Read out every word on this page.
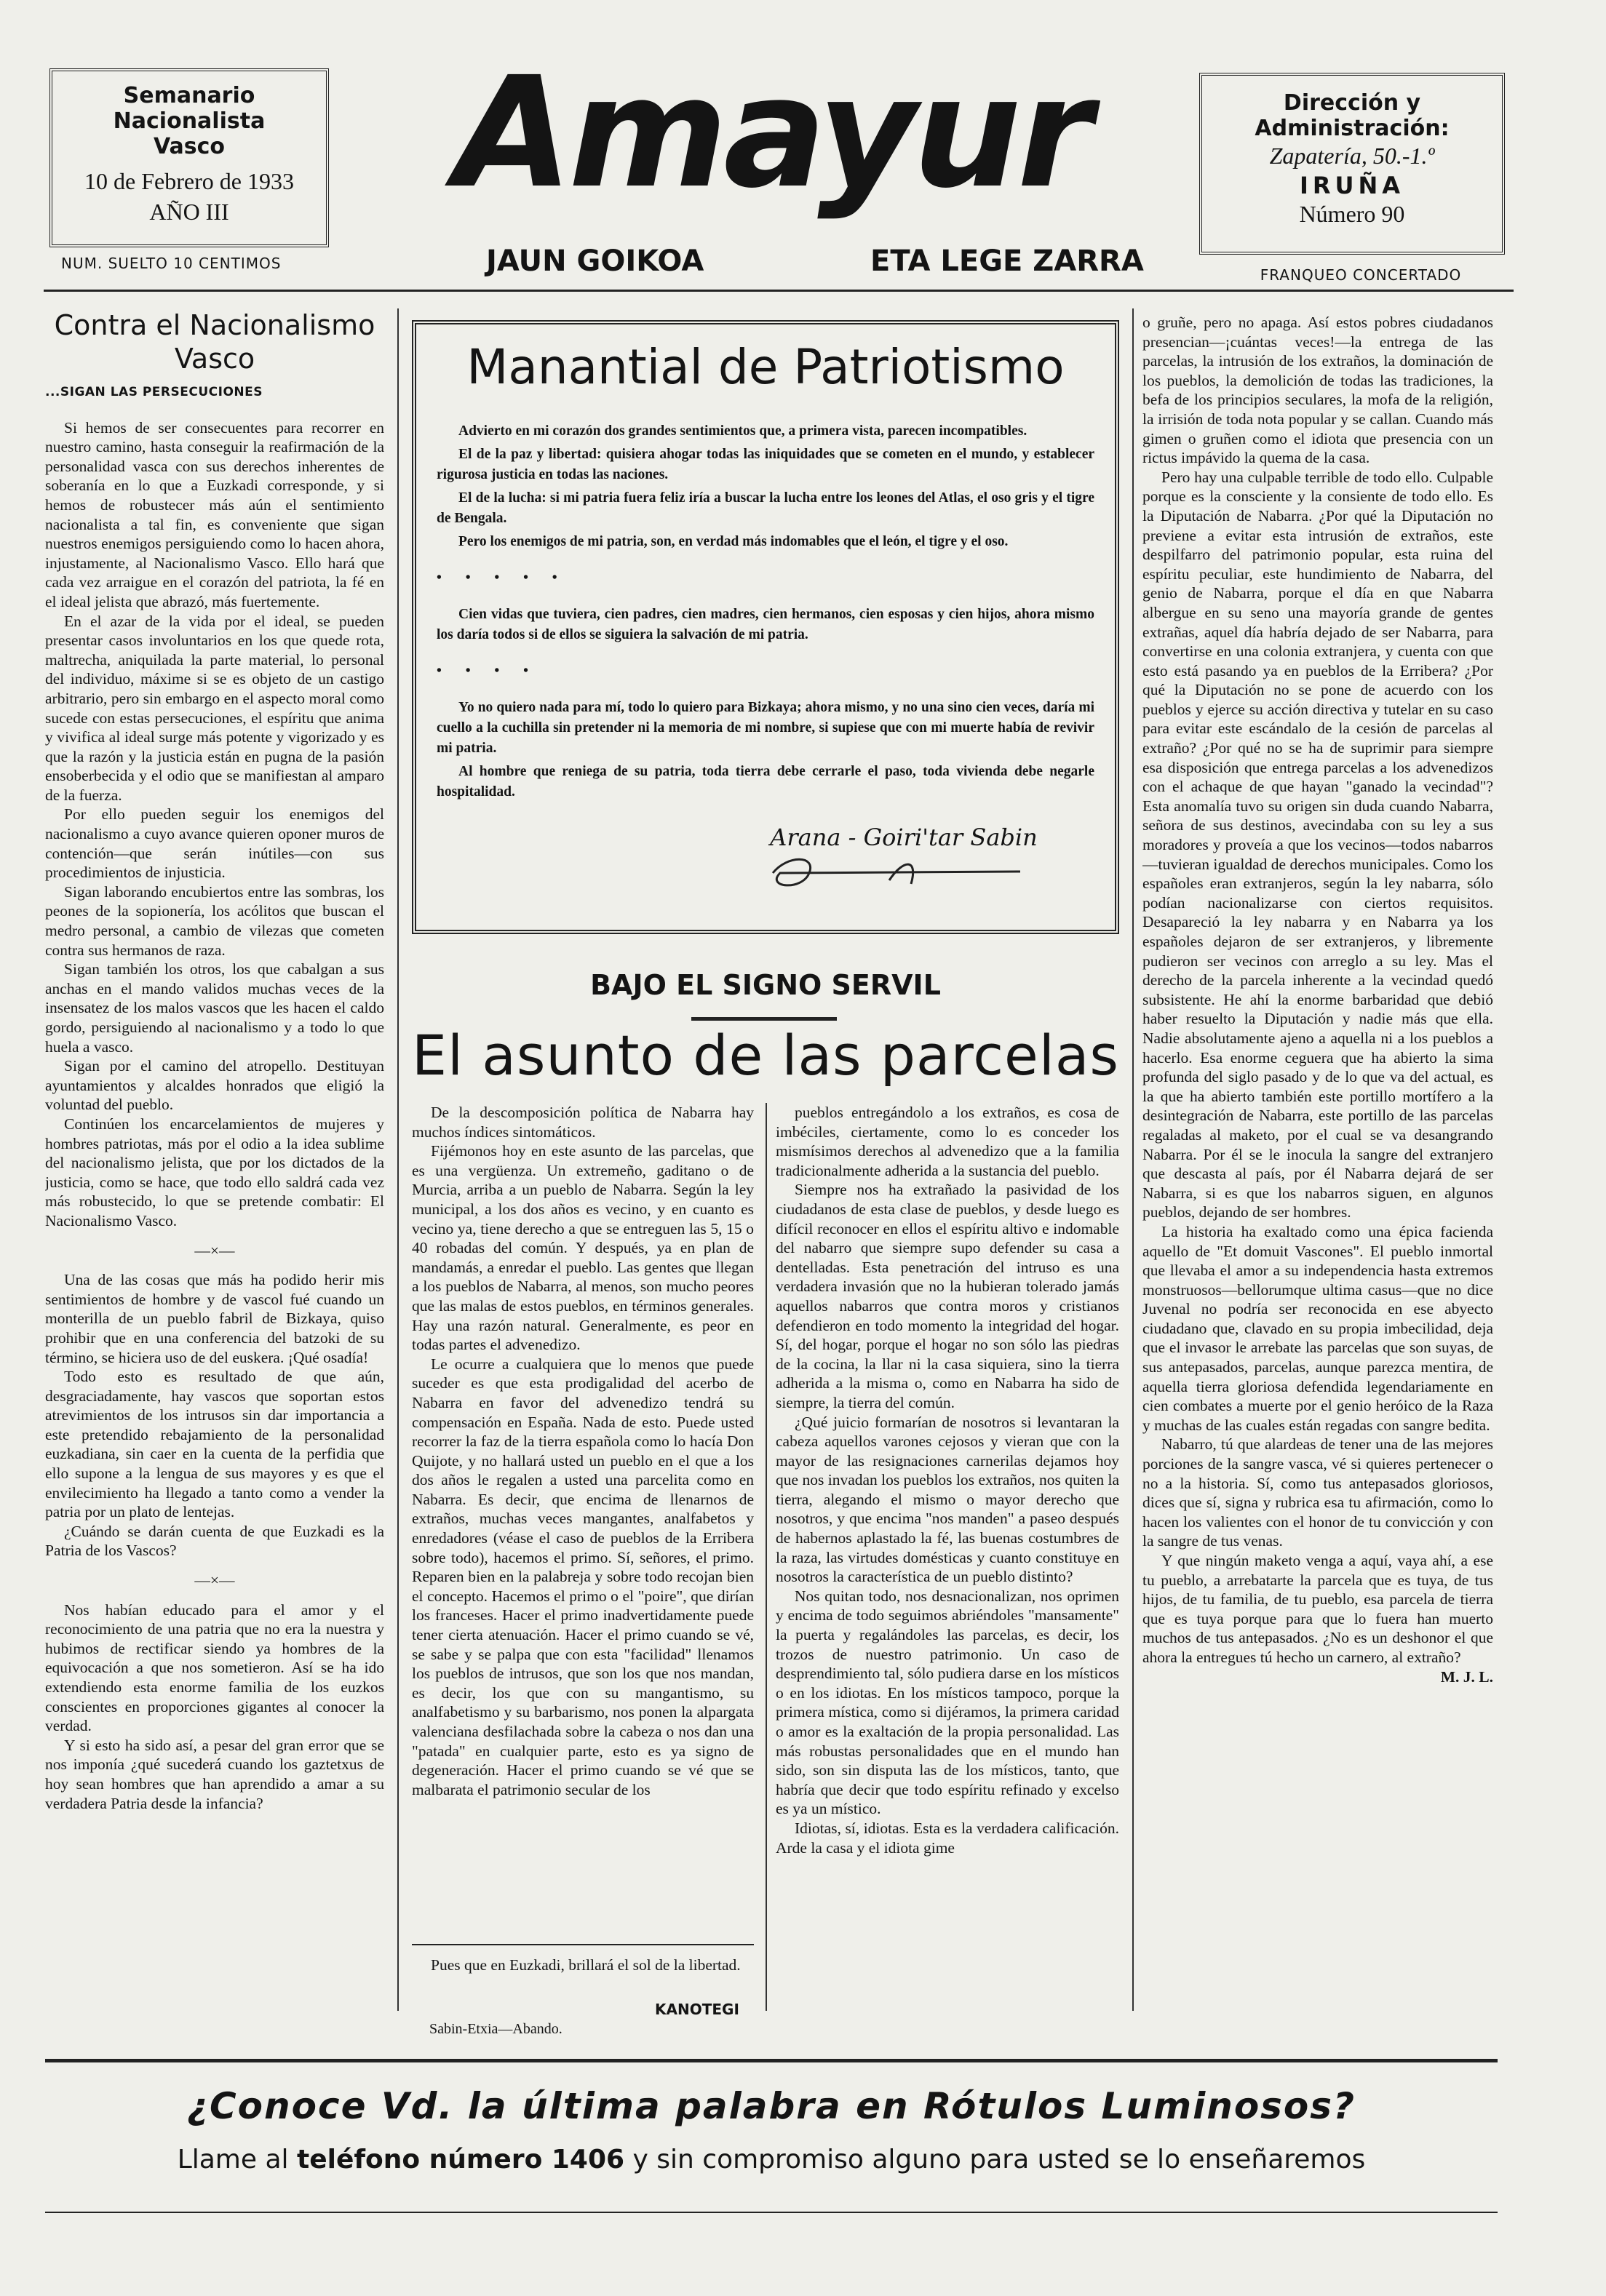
Semanario Nacionalista
Vasco
10 de Febrero de 1933
AÑO III
NUM. SUELTO 10 CENTIMOS
Amayur
JAUN GOIKOA	ETA LEGE ZARRA
Dirección y Administración:
Zapatería, 50.-1.º
IRUÑA
Número 90
FRANQUEO CONCERTADO
Contra el Nacionalismo Vasco
...SIGAN LAS PERSECUCIONES

Si hemos de ser consecuentes para recorrer en nuestro camino, hasta conseguir la reafirmación de la personalidad vasca con sus derechos inherentes de soberanía en lo que a Euzkadi corresponde, y si hemos de robustecer más aún el sentimiento nacionalista a tal fin, es conveniente que sigan nuestros enemigos persiguiendo como lo hacen ahora, injustamente, al Nacionalismo Vasco. Ello hará que cada vez arraigue en el corazón del patriota, la fé en el ideal jelista que abrazó, más fuertemente.

En el azar de la vida por el ideal, se pueden presentar casos involuntarios en los que quede rota, maltrecha, aniquilada la parte material, lo personal del individuo, máxime si se es objeto de un castigo arbitrario, pero sin embargo en el aspecto moral como sucede con estas persecuciones, el espíritu que anima y vivifica al ideal surge más potente y vigorizado y es que la razón y la justicia están en pugna de la pasión ensoberbecida y el odio que se manifiestan al amparo de la fuerza.

Por ello pueden seguir los enemigos del nacionalismo a cuyo avance quieren oponer muros de contención—que serán inútiles—con sus procedimientos de injusticia.

Sigan laborando encubiertos entre las sombras, los peones de la sopionería, los acólitos que buscan el medro personal, a cambio de vilezas que cometen contra sus hermanos de raza.

Sigan también los otros, los que cabalgan a sus anchas en el mando validos muchas veces de la insensatez de los malos vascos que les hacen el caldo gordo, persiguiendo al nacionalismo y a todo lo que huela a vasco.

Sigan por el camino del atropello. Destituyan ayuntamientos y alcaldes honrados que eligió la voluntad del pueblo.

Continúen los encarcelamientos de mujeres y hombres patriotas, más por el odio a la idea sublime del nacionalismo jelista, que por los dictados de la justicia, como se hace, que todo ello saldrá cada vez más robustecido, lo que se pretende combatir: El Nacionalismo Vasco.

—×—

Una de las cosas que más ha podido herir mis sentimientos de hombre y de vascol fué cuando un monterilla de un pueblo fabril de Bizkaya, quiso prohibir que en una conferencia del batzoki de su término, se hiciera uso de del euskera. ¡Qué osadía!

Todo esto es resultado de que aún, desgraciadamente, hay vascos que soportan estos atrevimientos de los intrusos sin dar importancia a este pretendido rebajamiento de la personalidad euzkadiana, sin caer en la cuenta de la perfidia que ello supone a la lengua de sus mayores y es que el envilecimiento ha llegado a tanto como a vender la patria por un plato de lentejas.

¿Cuándo se darán cuenta de que Euzkadi es la Patria de los Vascos?

—×—

Nos habían educado para el amor y el reconocimiento de una patria que no era la nuestra y hubimos de rectificar siendo ya hombres de la equivocación a que nos sometieron. Así se ha ido extendiendo esta enorme familia de los euzkos conscientes en proporciones gigantes al conocer la verdad.

Y si esto ha sido así, a pesar del gran error que se nos imponía ¿qué sucederá cuando los gaztetxus de hoy sean hombres que han aprendido a amar a su verdadera Patria desde la infancia?

Manantial de Patriotismo

Advierto en mi corazón dos grandes sentimientos que, a primera vista, parecen incompatibles.

El de la paz y libertad: quisiera ahogar todas las iniquidades que se cometen en el mundo, y establecer rigurosa justicia en todas las naciones.

El de la lucha: si mi patria fuera feliz iría a buscar la lucha entre los leones del Atlas, el oso gris y el tigre de Bengala.

Pero los enemigos de mi patria, son, en verdad más indomables que el león, el tigre y el oso.

• • • • •

Cien vidas que tuviera, cien padres, cien madres, cien hermanos, cien esposas y cien hijos, ahora mismo los daría todos si de ellos se siguiera la salvación de mi patria.

• • • •

Yo no quiero nada para mí, todo lo quiero para Bizkaya; ahora mismo, y no una sino cien veces, daría mi cuello a la cuchilla sin pretender ni la memoria de mi nombre, si supiese que con mi muerte había de revivir mi patria.

Al hombre que reniega de su patria, toda tierra debe cerrarle el paso, toda vivienda debe negarle hospitalidad.

Arana - Goiri'tar Sabin
BAJO EL SIGNO SERVIL
El asunto de las parcelas

De la descomposición política de Nabarra hay muchos índices sintomáticos.

Fijémonos hoy en este asunto de las parcelas, que es una vergüenza. Un extremeño, gaditano o de Murcia, arriba a un pueblo de Nabarra. Según la ley municipal, a los dos años es vecino, y en cuanto es vecino ya, tiene derecho a que se entreguen las 5, 15 o 40 robadas del común. Y después, ya en plan de mandamás, a enredar el pueblo. Las gentes que llegan a los pueblos de Nabarra, al menos, son mucho peores que las malas de estos pueblos, en términos generales. Hay una razón natural. Generalmente, es peor en todas partes el advenedizo.

Le ocurre a cualquiera que lo menos que puede suceder es que esta prodigalidad del acerbo de Nabarra en favor del advenedizo tendrá su compensación en España. Nada de esto. Puede usted recorrer la faz de la tierra española como lo hacía Don Quijote, y no hallará usted un pueblo en el que a los dos años le regalen a usted una parcelita como en Nabarra. Es decir, que encima de llenarnos de extraños, muchas veces mangantes, analfabetos y enredadores (véase el caso de pueblos de la Erribera sobre todo), hacemos el primo. Sí, señores, el primo. Reparen bien en la palabreja y sobre todo recojan bien el concepto. Hacemos el primo o el "poire", que dirían los franceses. Hacer el primo inadvertidamente puede tener cierta atenuación. Hacer el primo cuando se vé, se sabe y se palpa que con esta "facilidad" llenamos los pueblos de intrusos, que son los que nos mandan, es decir, los que con su mangantismo, su analfabetismo y su barbarismo, nos ponen la alpargata valenciana desfilachada sobre la cabeza o nos dan una "patada" en cualquier parte, esto es ya signo de degeneración. Hacer el primo cuando se vé que se malbarata el patrimonio secular de los

pueblos entregándolo a los extraños, es cosa de imbéciles, ciertamente, como lo es conceder los mismísimos derechos al advenedizo que a la familia tradicionalmente adherida a la sustancia del pueblo.

Siempre nos ha extrañado la pasividad de los ciudadanos de esta clase de pueblos, y desde luego es difícil reconocer en ellos el espíritu altivo e indomable del nabarro que siempre supo defender su casa a dentelladas. Esta penetración del intruso es una verdadera invasión que no la hubieran tolerado jamás aquellos nabarros que contra moros y cristianos defendieron en todo momento la integridad del hogar. Sí, del hogar, porque el hogar no son sólo las piedras de la cocina, la llar ni la casa siquiera, sino la tierra adherida a la misma o, como en Nabarra ha sido de siempre, la tierra del común.

¿Qué juicio formarían de nosotros si levantaran la cabeza aquellos varones cejosos y vieran que con la mayor de las resignaciones carnerilas dejamos hoy que nos invadan los pueblos los extraños, nos quiten la tierra, alegando el mismo o mayor derecho que nosotros, y que encima "nos manden" a paseo después de habernos aplastado la fé, las buenas costumbres de la raza, las virtudes domésticas y cuanto constituye en nosotros la característica de un pueblo distinto?

Nos quitan todo, nos desnacionalizan, nos oprimen y encima de todo seguimos abriéndoles "mansamente" la puerta y regalándoles las parcelas, es decir, los trozos de nuestro patrimonio. Un caso de desprendimiento tal, sólo pudiera darse en los místicos o en los idiotas. En los místicos tampoco, porque la primera mística, como si dijéramos, la primera caridad o amor es la exaltación de la propia personalidad. Las más robustas personalidades que en el mundo han sido, son sin disputa las de los místicos, tanto, que habría que decir que todo espíritu refinado y excelso es ya un místico.

Idiotas, sí, idiotas. Esta es la verdadera calificación. Arde la casa y el idiota gime

Pues que en Euzkadi, brillará el sol de la libertad.

Sabin-Etxia—Abando.
KANOTEGI

o gruñe, pero no apaga. Así estos pobres ciudadanos presencian—¡cuántas veces!—la entrega de las parcelas, la intrusión de los extraños, la dominación de los pueblos, la demolición de todas las tradiciones, la befa de los principios seculares, la mofa de la religión, la irrisión de toda nota popular y se callan. Cuando más gimen o gruñen como el idiota que presencia con un rictus impávido la quema de la casa.

Pero hay una culpable terrible de todo ello. Culpable porque es la consciente y la consiente de todo ello. Es la Diputación de Nabarra. ¿Por qué la Diputación no previene a evitar esta intrusión de extraños, este despilfarro del patrimonio popular, esta ruina del espíritu peculiar, este hundimiento de Nabarra, del genio de Nabarra, porque el día en que Nabarra albergue en su seno una mayoría grande de gentes extrañas, aquel día habría dejado de ser Nabarra, para convertirse en una colonia extranjera, y cuenta con que esto está pasando ya en pueblos de la Erribera? ¿Por qué la Diputación no se pone de acuerdo con los pueblos y ejerce su acción directiva y tutelar en su caso para evitar este escándalo de la cesión de parcelas al extraño? ¿Por qué no se ha de suprimir para siempre esa disposición que entrega parcelas a los advenedizos con el achaque de que hayan "ganado la vecindad"? Esta anomalía tuvo su origen sin duda cuando Nabarra, señora de sus destinos, avecindaba con su ley a sus moradores y proveía a que los vecinos—todos nabarros—tuvieran igualdad de derechos municipales. Como los españoles eran extranjeros, según la ley nabarra, sólo podían nacionalizarse con ciertos requisitos. Desapareció la ley nabarra y en Nabarra ya los españoles dejaron de ser extranjeros, y libremente pudieron ser vecinos con arreglo a su ley. Mas el derecho de la parcela inherente a la vecindad quedó subsistente. He ahí la enorme barbaridad que debió haber resuelto la Diputación y nadie más que ella. Nadie absolutamente ajeno a aquella ni a los pueblos a hacerlo. Esa enorme ceguera que ha abierto la sima profunda del siglo pasado y de lo que va del actual, es la que ha abierto también este portillo mortífero a la desintegración de Nabarra, este portillo de las parcelas regaladas al maketo, por el cual se va desangrando Nabarra. Por él se le inocula la sangre del extranjero que descasta al país, por él Nabarra dejará de ser Nabarra, si es que los nabarros siguen, en algunos pueblos, dejando de ser hombres.

La historia ha exaltado como una épica facienda aquello de "Et domuit Vascones". El pueblo inmortal que llevaba el amor a su independencia hasta extremos monstruosos—bellorumque ultima casus—que no dice Juvenal no podría ser reconocida en ese abyecto ciudadano que, clavado en su propia imbecilidad, deja que el invasor le arrebate las parcelas que son suyas, de sus antepasados, parcelas, aunque parezca mentira, de aquella tierra gloriosa defendida legendariamente en cien combates a muerte por el genio heróico de la Raza y muchas de las cuales están regadas con sangre bedita.

Nabarro, tú que alardeas de tener una de las mejores porciones de la sangre vasca, vé si quieres pertenecer o no a la historia. Sí, como tus antepasados gloriosos, dices que sí, signa y rubrica esa tu afirmación, como lo hacen los valientes con el honor de tu convicción y con la sangre de tus venas.

Y que ningún maketo venga a aquí, vaya ahí, a ese tu pueblo, a arrebatarte la parcela que es tuya, de tus hijos, de tu familia, de tu pueblo, esa parcela de tierra que es tuya porque para que lo fuera han muerto muchos de tus antepasados. ¿No es un deshonor el que ahora la entregues tú hecho un carnero, al extraño?

M. J. L.

¿Conoce Vd. la última palabra en Rótulos Luminosos?
Llame al teléfono número 1406 y sin compromiso alguno para usted se lo enseñaremos
